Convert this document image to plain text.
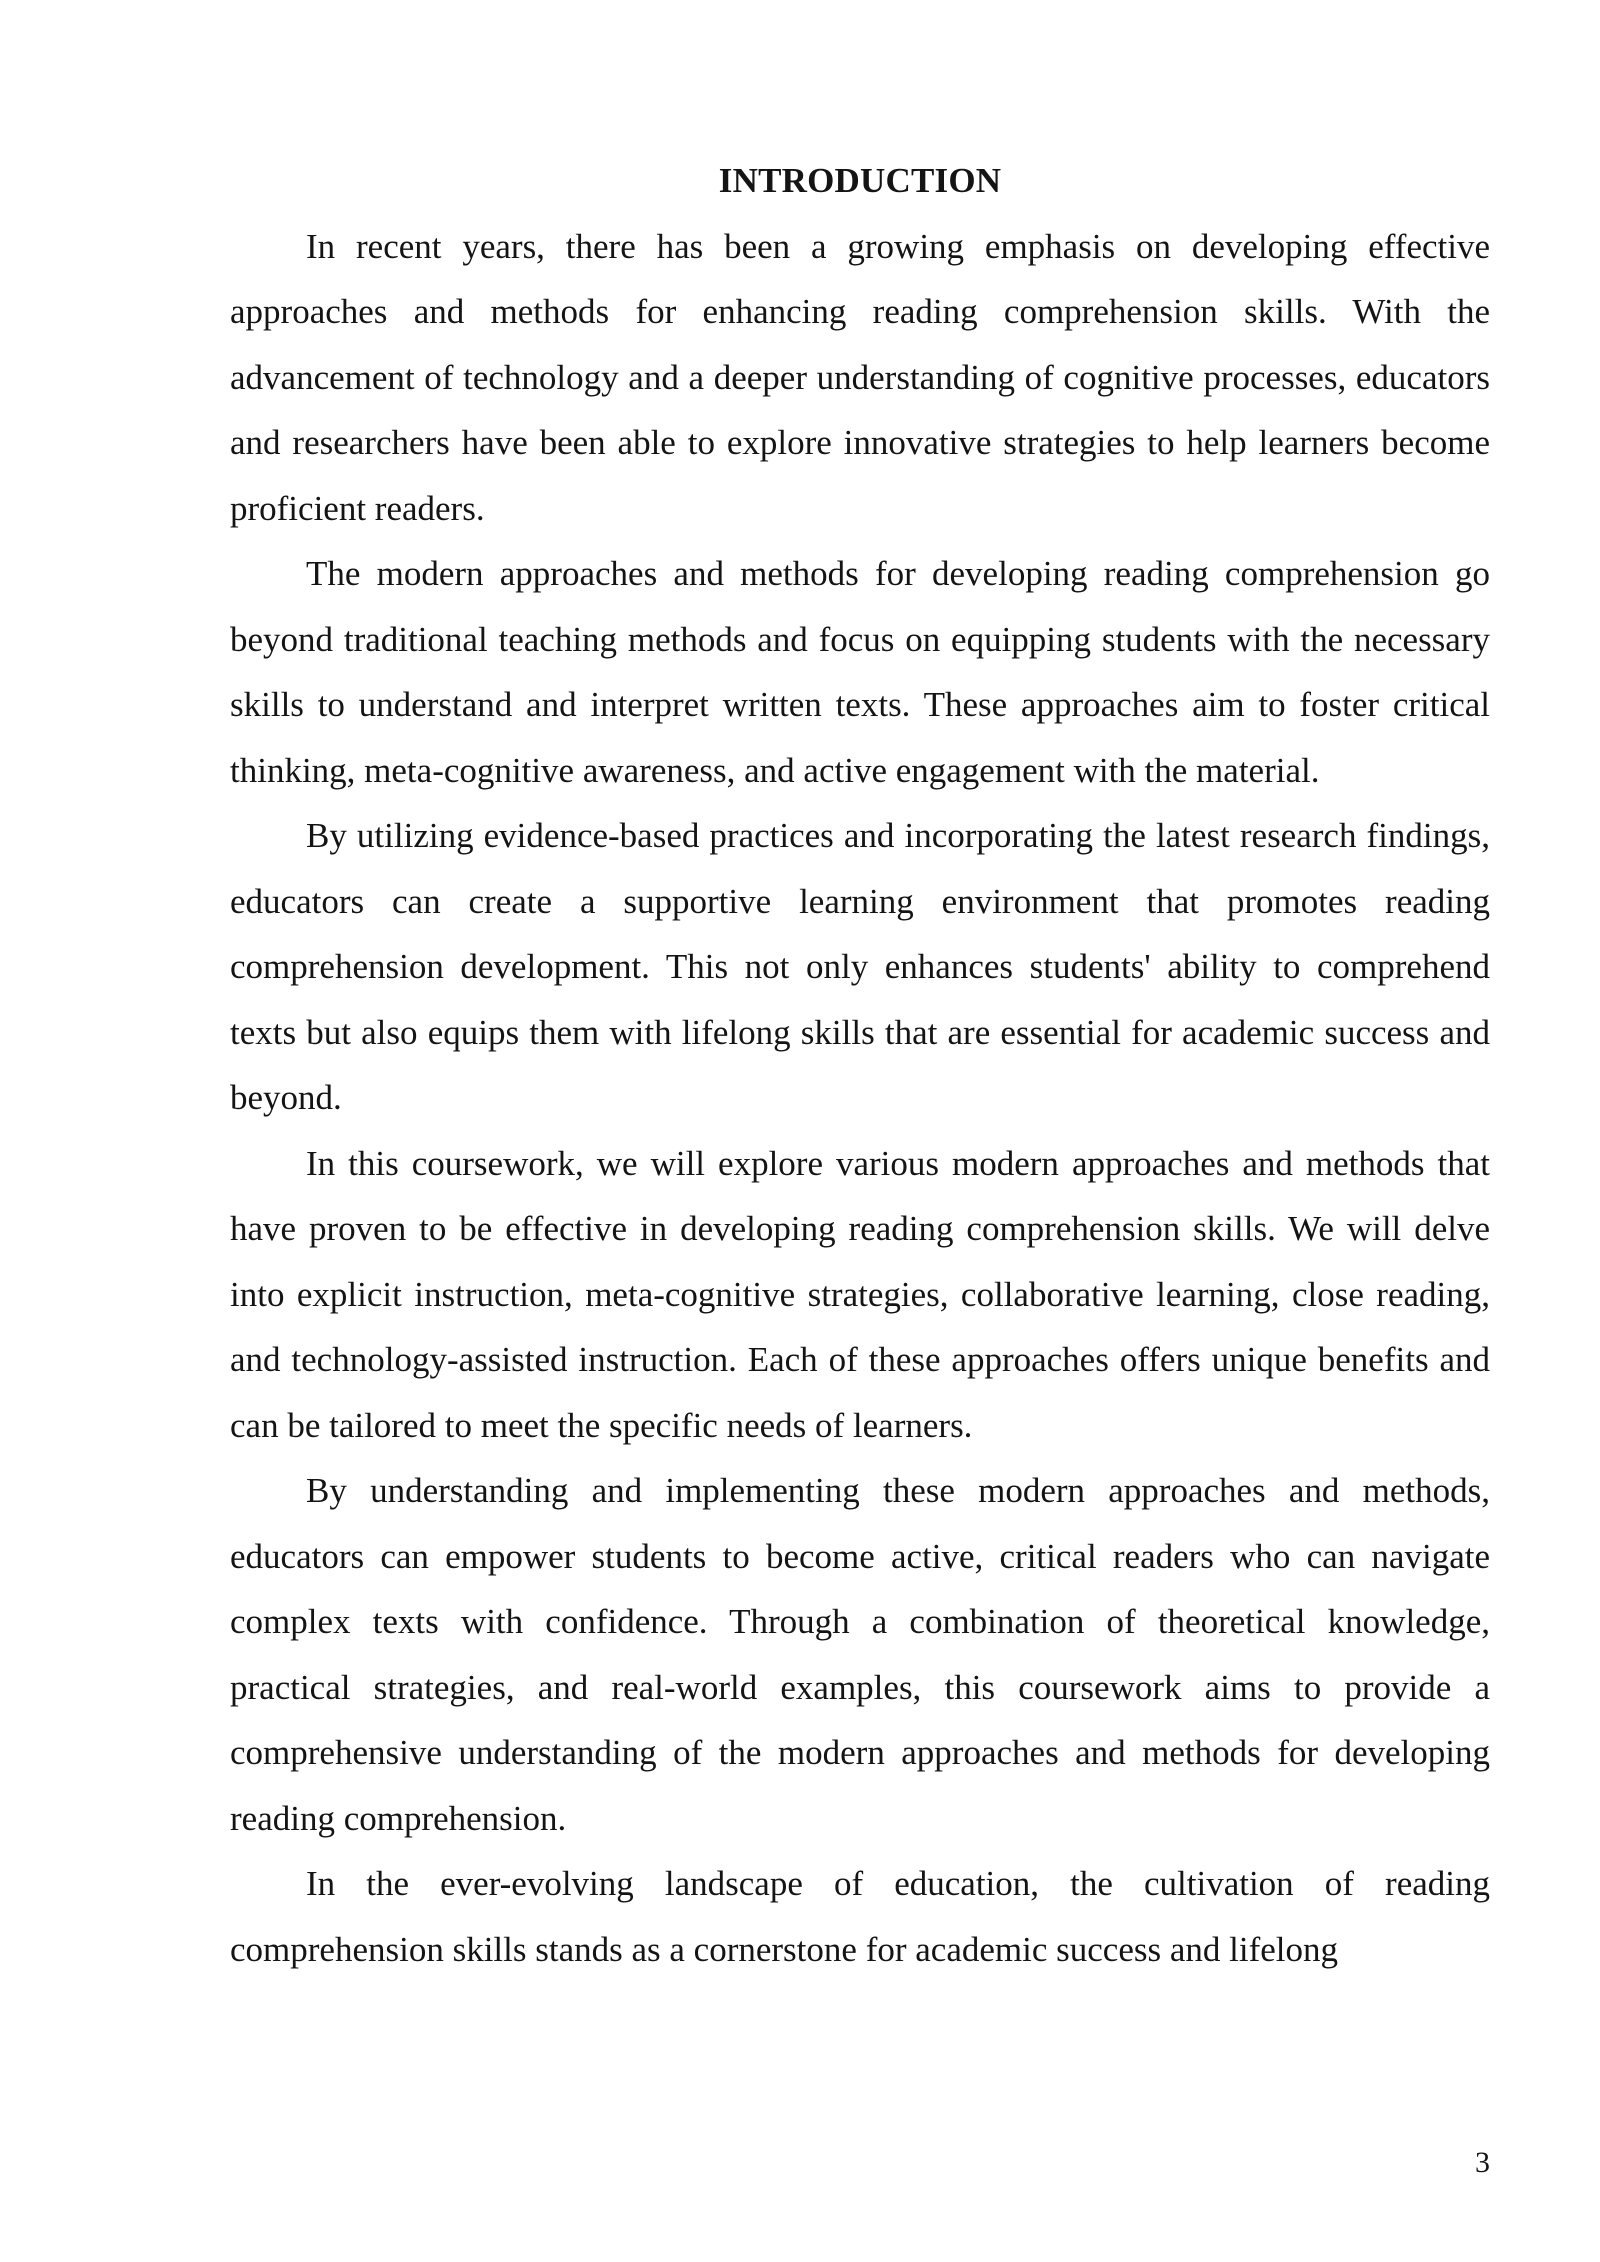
INTRODUCTION

In recent years, there has been a growing emphasis on developing effective approaches and methods for enhancing reading comprehension skills. With the advancement of technology and a deeper understanding of cognitive processes, educators and researchers have been able to explore innovative strategies to help learners become proficient readers.

The modern approaches and methods for developing reading comprehension go beyond traditional teaching methods and focus on equipping students with the necessary skills to understand and interpret written texts. These approaches aim to foster critical thinking, meta-cognitive awareness, and active engagement with the material.

By utilizing evidence-based practices and incorporating the latest research findings, educators can create a supportive learning environment that promotes reading comprehension development. This not only enhances students' ability to comprehend texts but also equips them with lifelong skills that are essential for academic success and beyond.

In this coursework, we will explore various modern approaches and methods that have proven to be effective in developing reading comprehension skills. We will delve into explicit instruction, meta-cognitive strategies, collaborative learning, close reading, and technology-assisted instruction. Each of these approaches offers unique benefits and can be tailored to meet the specific needs of learners.

By understanding and implementing these modern approaches and methods, educators can empower students to become active, critical readers who can navigate complex texts with confidence. Through a combination of theoretical knowledge, practical strategies, and real-world examples, this coursework aims to provide a comprehensive understanding of the modern approaches and methods for developing reading comprehension.

In the ever-evolving landscape of education, the cultivation of reading comprehension skills stands as a cornerstone for academic success and lifelong

3
